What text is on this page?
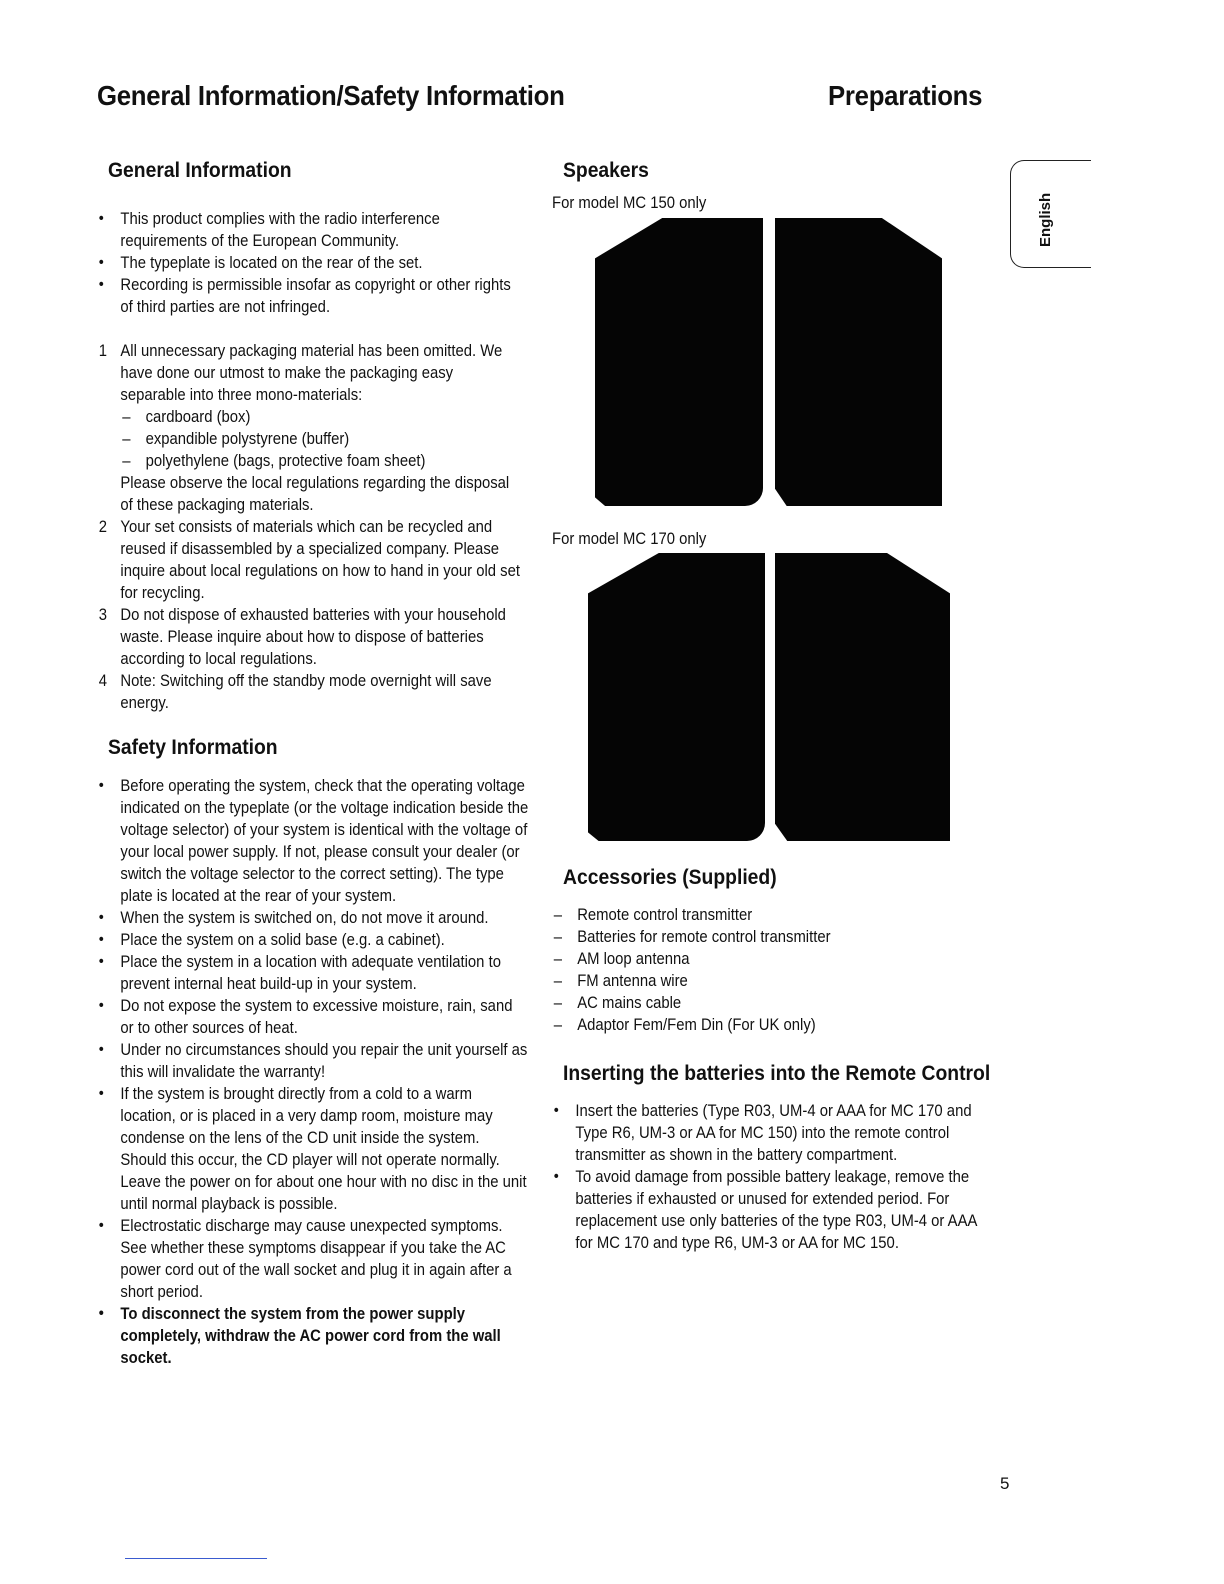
General Information/Safety Information	Preparations
English
General Information
• This product complies with the radio interference requirements of the European Community.
• The typeplate is located on the rear of the set.
• Recording is permissible insofar as copyright or other rights of third parties are not infringed.
1 All unnecessary packaging material has been omitted. We have done our utmost to make the packaging easy separable into three mono-materials:
– cardboard (box)
– expandible polystyrene (buffer)
– polyethylene (bags, protective foam sheet)
Please observe the local regulations regarding the disposal of these packaging materials.
2 Your set consists of materials which can be recycled and reused if disassembled by a specialized company. Please inquire about local regulations on how to hand in your old set for recycling.
3 Do not dispose of exhausted batteries with your household waste. Please inquire about how to dispose of batteries according to local regulations.
4 Note: Switching off the standby mode overnight will save energy.
Safety Information
• Before operating the system, check that the operating voltage indicated on the typeplate (or the voltage indication beside the voltage selector) of your system is identical with the voltage of your local power supply. If not, please consult your dealer (or switch the voltage selector to the correct setting). The type plate is located at the rear of your system.
• When the system is switched on, do not move it around.
• Place the system on a solid base (e.g. a cabinet).
• Place the system in a location with adequate ventilation to prevent internal heat build-up in your system.
• Do not expose the system to excessive moisture, rain, sand or to other sources of heat.
• Under no circumstances should you repair the unit yourself as this will invalidate the warranty!
• If the system is brought directly from a cold to a warm location, or is placed in a very damp room, moisture may condense on the lens of the CD unit inside the system. Should this occur, the CD player will not operate normally. Leave the power on for about one hour with no disc in the unit until normal playback is possible.
• Electrostatic discharge may cause unexpected symptoms. See whether these symptoms disappear if you take the AC power cord out of the wall socket and plug it in again after a short period.
• To disconnect the system from the power supply completely, withdraw the AC power cord from the wall socket.
Speakers
For model MC 150 only
For model MC 170 only
Accessories (Supplied)
– Remote control transmitter
– Batteries for remote control transmitter
– AM loop antenna
– FM antenna wire
– AC mains cable
– Adaptor Fem/Fem Din (For UK only)
Inserting the batteries into the Remote Control
• Insert the batteries (Type R03, UM-4 or AAA for MC 170 and Type R6, UM-3 or AA for MC 150) into the remote control transmitter as shown in the battery compartment.
• To avoid damage from possible battery leakage, remove the batteries if exhausted or unused for extended period. For replacement use only batteries of the type R03, UM-4 or AAA for MC 170 and type R6, UM-3 or AA for MC 150.
5
